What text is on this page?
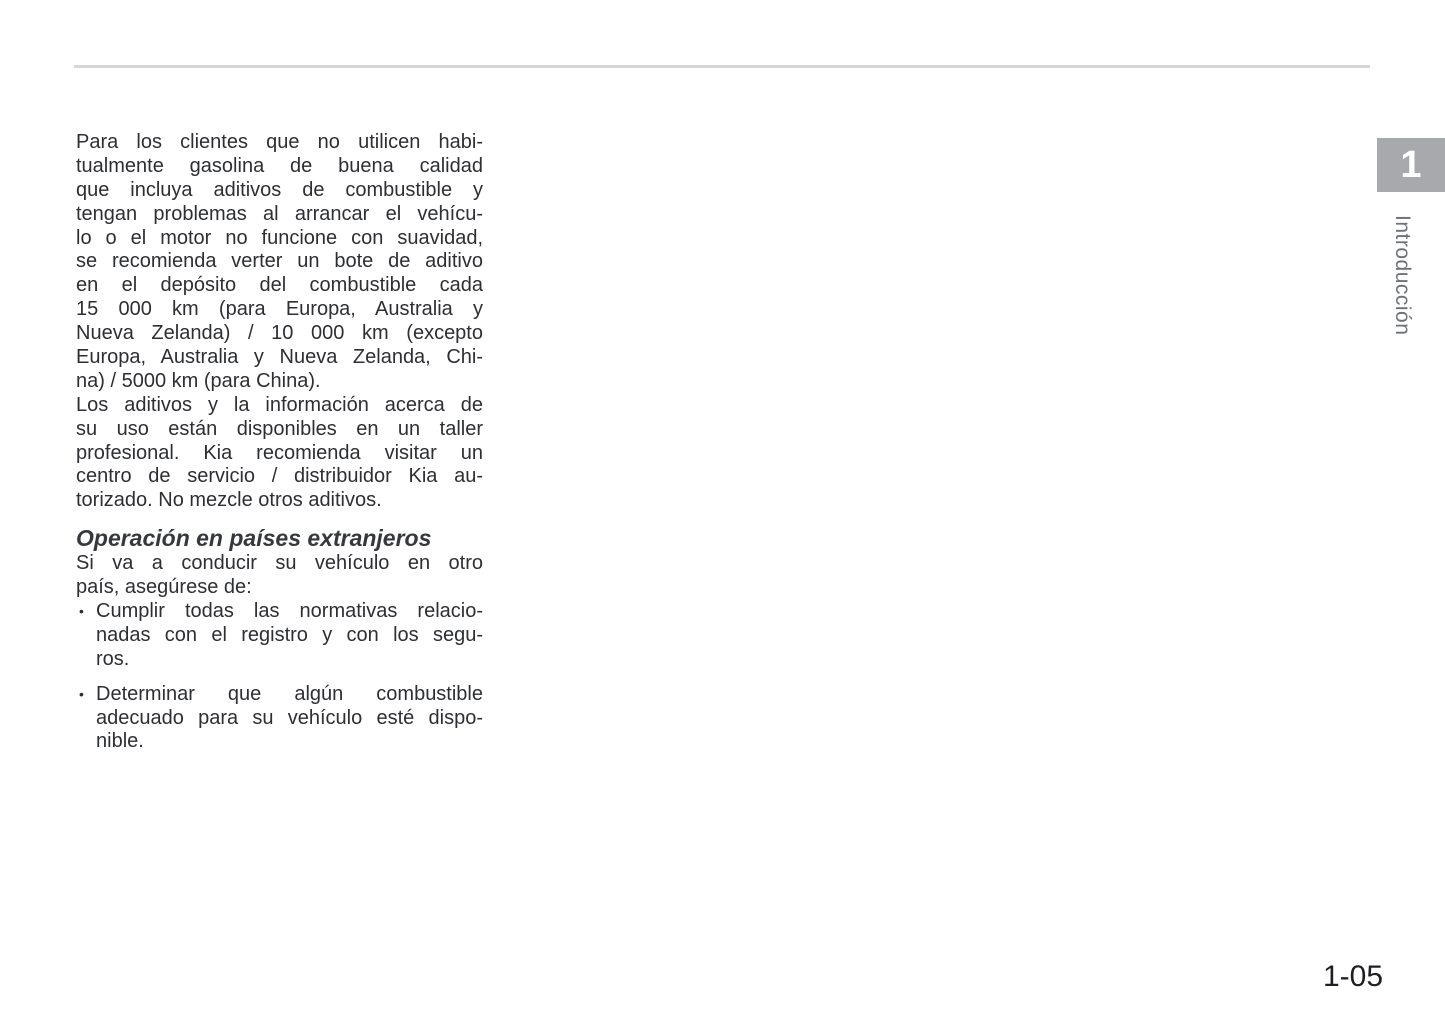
1
Introducción
Para los clientes que no utilicen habi-
tualmente gasolina de buena calidad
que incluya aditivos de combustible y
tengan problemas al arrancar el vehícu-
lo o el motor no funcione con suavidad,
se recomienda verter un bote de aditivo
en el depósito del combustible cada
15 000 km (para Europa, Australia y
Nueva Zelanda) / 10 000 km (excepto
Europa, Australia y Nueva Zelanda, Chi-
na) / 5000 km (para China).
Los aditivos y la información acerca de
su uso están disponibles en un taller
profesional. Kia recomienda visitar un
centro de servicio / distribuidor Kia au-
torizado. No mezcle otros aditivos.
Operación en países extranjeros
Si va a conducir su vehículo en otro
país, asegúrese de:
• Cumplir todas las normativas relacio-
nadas con el registro y con los segu-
ros.
• Determinar que algún combustible
adecuado para su vehículo esté dispo-
nible.
1-05
